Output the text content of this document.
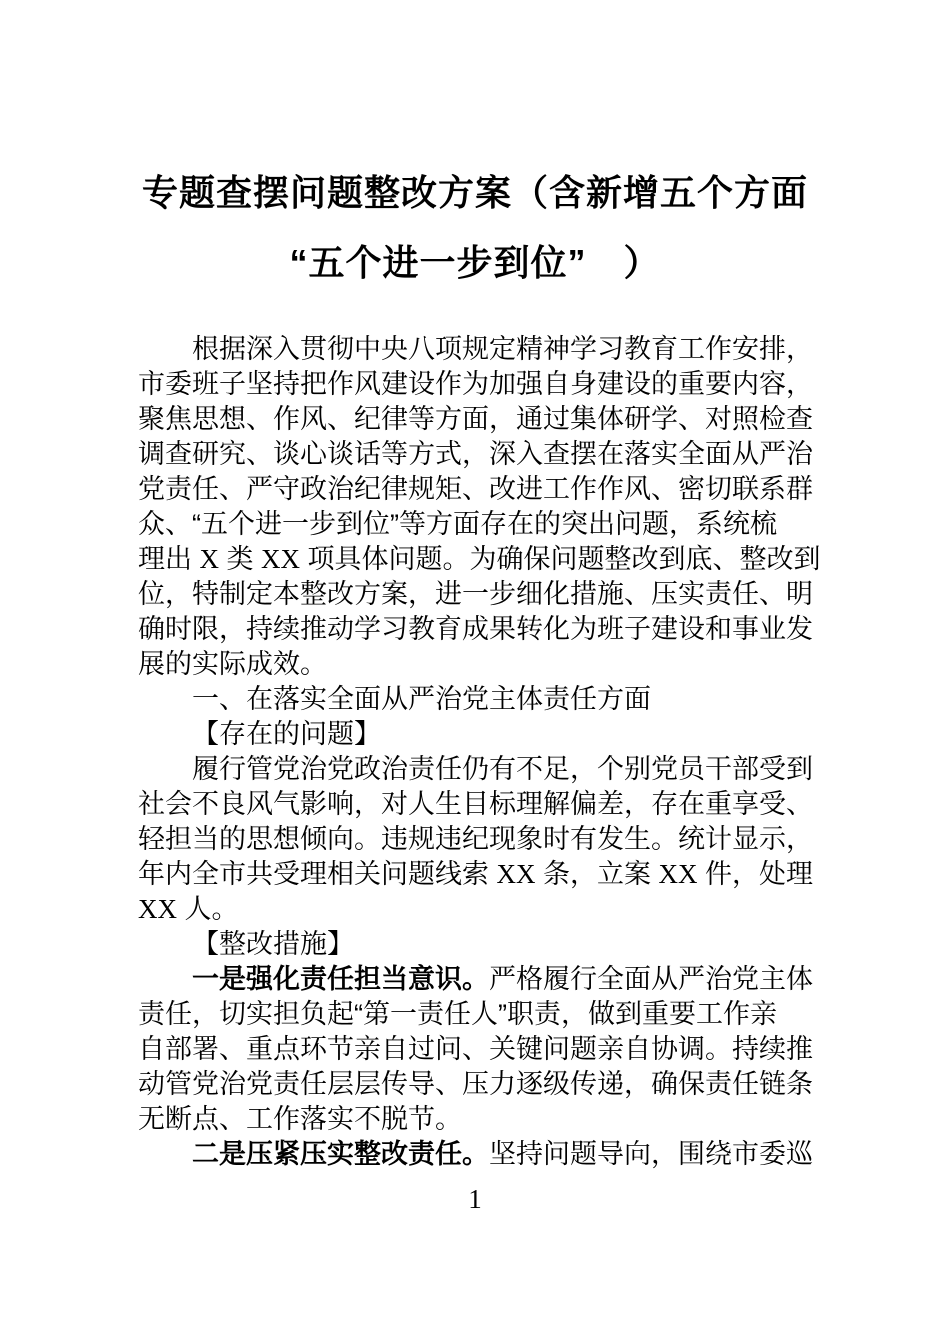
专题查摆问题整改方案（含新增五个方面
“五个进一步到位”　）
根据深入贯彻中央八项规定精神学习教育工作安排，
市委班子坚持把作风建设作为加强自身建设的重要内容，
聚焦思想、作风、纪律等方面，通过集体研学、对照检查
调查研究、谈心谈话等方式，深入查摆在落实全面从严治
党责任、严守政治纪律规矩、改进工作作风、密切联系群
众、“五个进一步到位”等方面存在的突出问题，系统梳
理出 X 类 XX 项具体问题。为确保问题整改到底、整改到
位，特制定本整改方案，进一步细化措施、压实责任、明
确时限，持续推动学习教育成果转化为班子建设和事业发
展的实际成效。
一、在落实全面从严治党主体责任方面
【存在的问题】
履行管党治党政治责任仍有不足，个别党员干部受到
社会不良风气影响，对人生目标理解偏差，存在重享受、
轻担当的思想倾向。违规违纪现象时有发生。统计显示，
年内全市共受理相关问题线索 XX 条，立案 XX 件，处理
XX 人。
【整改措施】
一是强化责任担当意识。严格履行全面从严治党主体
责任，切实担负起“第一责任人”职责，做到重要工作亲
自部署、重点环节亲自过问、关键问题亲自协调。持续推
动管党治党责任层层传导、压力逐级传递，确保责任链条
无断点、工作落实不脱节。
二是压紧压实整改责任。坚持问题导向，围绕市委巡
1
